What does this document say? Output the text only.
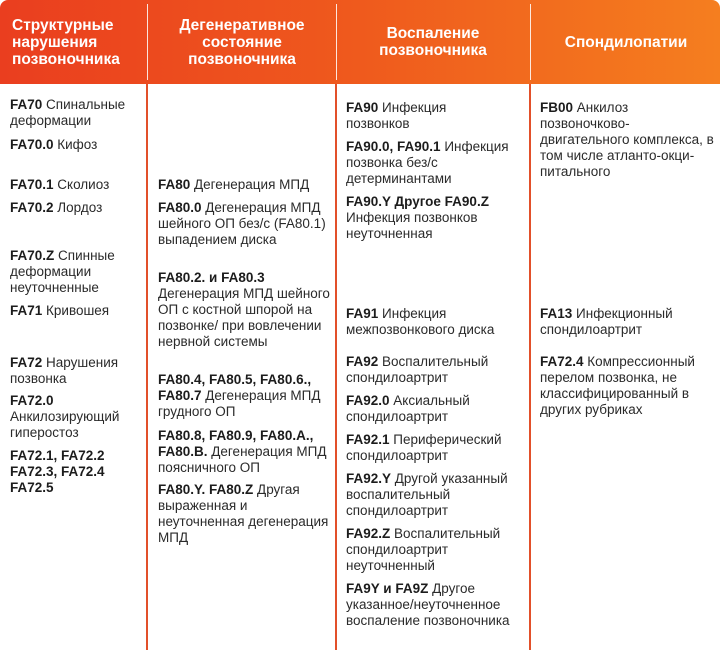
Структурные нарушения позвоночника
Дегенеративное состояние позвоночника
Воспаление позвоночника	Спондилопатии
FA70 Спинальные деформации
FA70.0 Кифоз
FA70.1 Сколиоз
FA70.2 Лордоз
FA70.Z Спинные деформации неуточненные
FA71 Кривошея
FA72 Нарушения позвонка
FA72.0 Анкилозирующий гиперостоз
FA72.1, FA72.2 FA72.3, FA72.4 FA72.5
FA80 Дегенерация МПД
FA80.0 Дегенерация МПД шейного ОП без/с (FA80.1) выпадением диска
FA80.2. и FA80.3 Дегенерация МПД шейного ОП с костной шпорой на позвонке/ при вовлечении нервной системы
FA80.4, FA80.5, FA80.6., FA80.7 Дегенерация МПД грудного ОП
FA80.8, FA80.9, FA80.A., FA80.B. Дегенерация МПД поясничного ОП
FA80.Y. FA80.Z Другая выраженная и неуточненная дегенерация МПД
FA90 Инфекция позвонков
FA90.0, FA90.1 Инфекция позвонка без/с детерминантами
FA90.Y Другое FA90.Z Инфекция позвонков неуточненная
FA91 Инфекция межпозвонкового диска
FA92 Воспалительный спондилоартрит
FA92.0 Аксиальный спондилоартрит
FA92.1 Периферический спондилоартрит
FA92.Y Другой указанный воспалительный спондилоартрит
FA92.Z Воспалительный спондилоартрит неуточненный
FA9Y и FA9Z Другое указанное/неуточненное воспаление позвоночника
FB00 Анкилоз позвоночково-двигательного комплекса, в том числе атланто-окци-питального
FA13 Инфекционный спондилоартрит
FA72.4 Компрессионный перелом позвонка, не классифицированный в других рубриках
